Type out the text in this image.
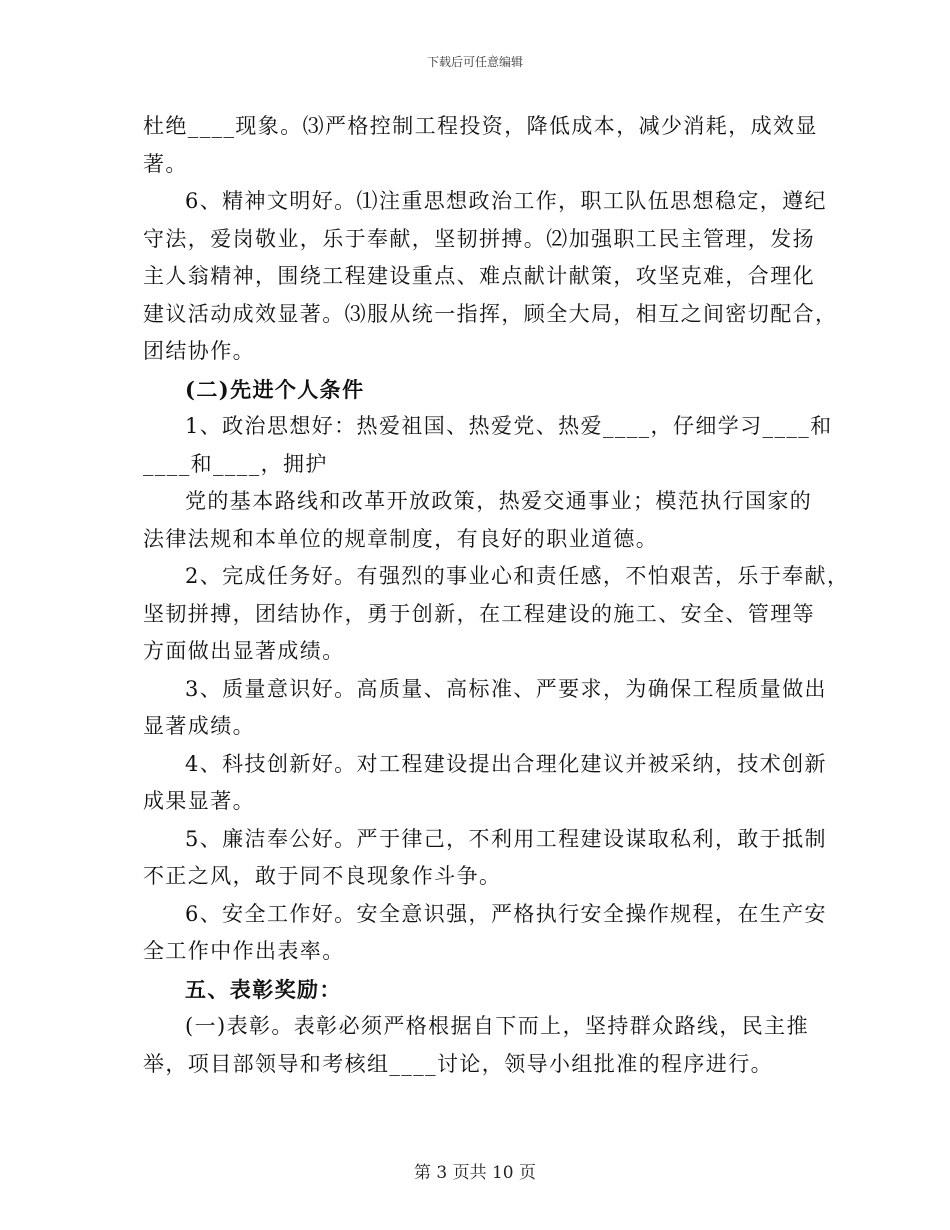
下载后可任意编辑
杜绝____现象。⑶严格控制工程投资，降低成本，减少消耗，成效显
著。
6、精神文明好。⑴注重思想政治工作，职工队伍思想稳定，遵纪
守法，爱岗敬业，乐于奉献，坚韧拼搏。⑵加强职工民主管理，发扬
主人翁精神，围绕工程建设重点、难点献计献策，攻坚克难，合理化
建议活动成效显著。⑶服从统一指挥，顾全大局，相互之间密切配合，
团结协作。
(二)先进个人条件
1、政治思想好：热爱祖国、热爱党、热爱____，仔细学习____和
____和____，拥护
党的基本路线和改革开放政策，热爱交通事业；模范执行国家的
法律法规和本单位的规章制度，有良好的职业道德。
2、完成任务好。有强烈的事业心和责任感，不怕艰苦，乐于奉献，
坚韧拼搏，团结协作，勇于创新，在工程建设的施工、安全、管理等
方面做出显著成绩。
3、质量意识好。高质量、高标准、严要求，为确保工程质量做出
显著成绩。
4、科技创新好。对工程建设提出合理化建议并被采纳，技术创新
成果显著。
5、廉洁奉公好。严于律己，不利用工程建设谋取私利，敢于抵制
不正之风，敢于同不良现象作斗争。
6、安全工作好。安全意识强，严格执行安全操作规程，在生产安
全工作中作出表率。
五、表彰奖励：
(一)表彰。表彰必须严格根据自下而上，坚持群众路线，民主推
举，项目部领导和考核组____讨论，领导小组批准的程序进行。
第 3 页共 10 页
